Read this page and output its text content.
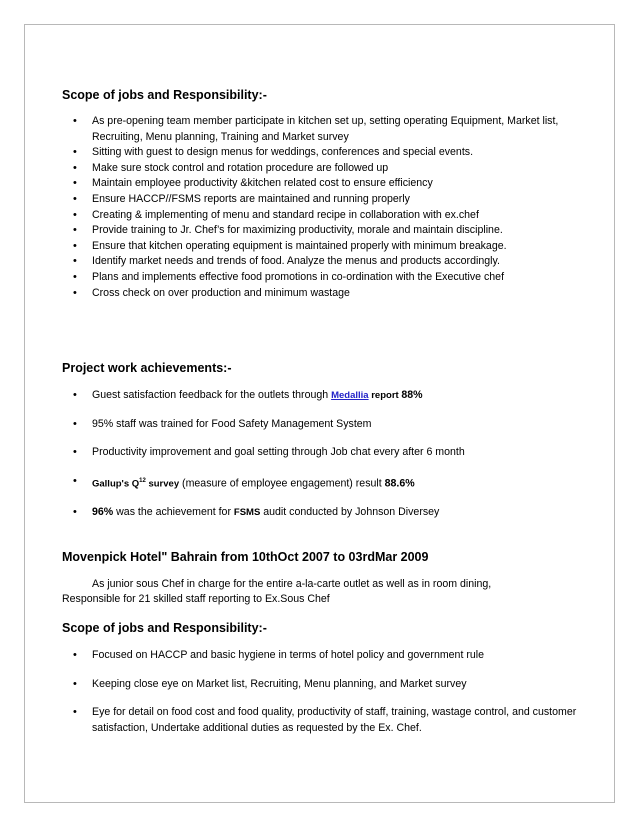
Scope of jobs and Responsibility:-
• As pre-opening team member participate in kitchen set up, setting operating Equipment, Market list, Recruiting, Menu planning, Training and Market survey
• Sitting with guest to design menus for weddings, conferences and special events.
• Make sure stock control and rotation procedure are followed up
• Maintain employee productivity &kitchen related cost to ensure efficiency
• Ensure HACCP//FSMS reports are maintained and running properly
• Creating & implementing of menu and standard recipe in collaboration with ex.chef
• Provide training to Jr. Chef’s for maximizing productivity, morale and maintain discipline.
• Ensure that kitchen operating equipment is maintained properly with minimum breakage.
• Identify market needs and trends of food. Analyze the menus and products accordingly.
• Plans and implements effective food promotions in co-ordination with the Executive chef
• Cross check on over production and minimum wastage
Project work achievements:-
• Guest satisfaction feedback for the outlets through Medallia report 88%
• 95% staff was trained for Food Safety Management System
• Productivity improvement and goal setting through Job chat every after 6 month
• Gallup's $Q^{12}$ survey (measure of employee engagement) result 88.6%
• 96% was the achievement for FSMS audit conducted by Johnson Diversey
Movenpick Hotel" Bahrain from 10thOct 2007 to 03rdMar 2009
As junior sous Chef in charge for the entire a-la-carte outlet as well as in room dining,
Responsible for 21 skilled staff reporting to Ex.Sous Chef
Scope of jobs and Responsibility:-
• Focused on HACCP and basic hygiene in terms of hotel policy and government rule
• Keeping close eye on Market list, Recruiting, Menu planning, and Market survey
• Eye for detail on food cost and food quality, productivity of staff, training, wastage control, and customer satisfaction, Undertake additional duties as requested by the Ex. Chef.
